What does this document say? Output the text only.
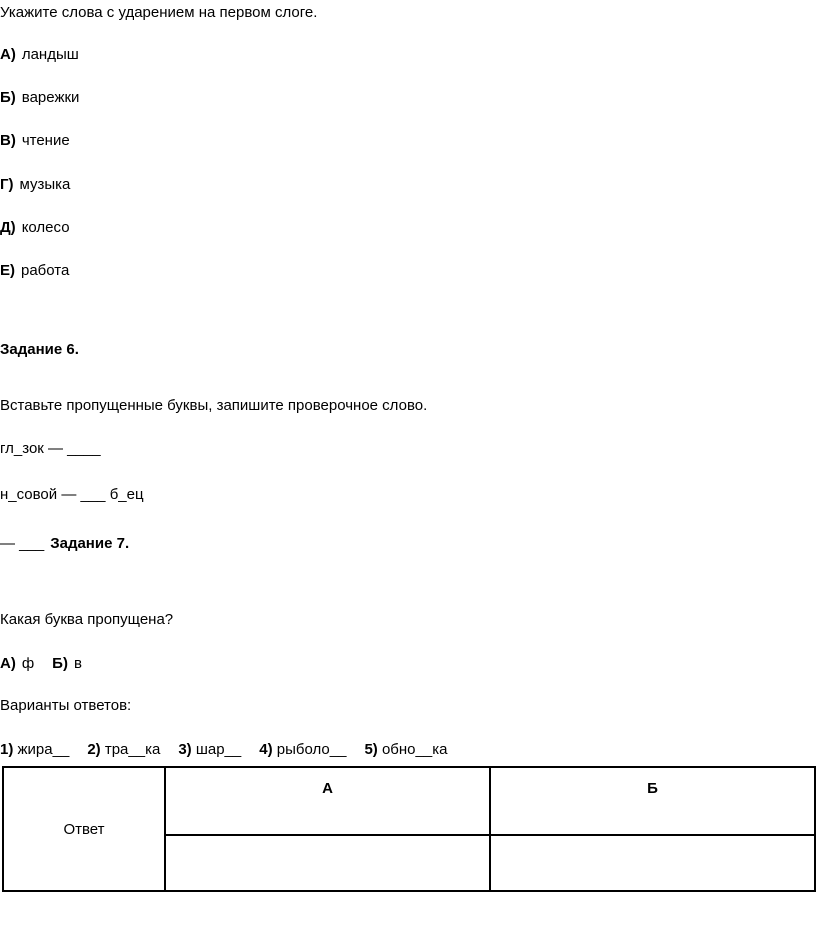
Укажите слова с ударением на первом слоге.
А) ландыш
Б) варежки
В) чтение
Г) музыка
Д) колесо
Е) работа
Задание 6.
Вставьте пропущенные буквы, запишите проверочное слово.
гл_зок — ____
н_совой — ___ б_ец
— ___ Задание 7.
Какая буква пропущена?
А) ф Б) в
Варианты ответов:
1) жира__ 2) тра__ка 3) шар__ 4) рыболо__ 5) обно__ка
Ответ	А	Б
